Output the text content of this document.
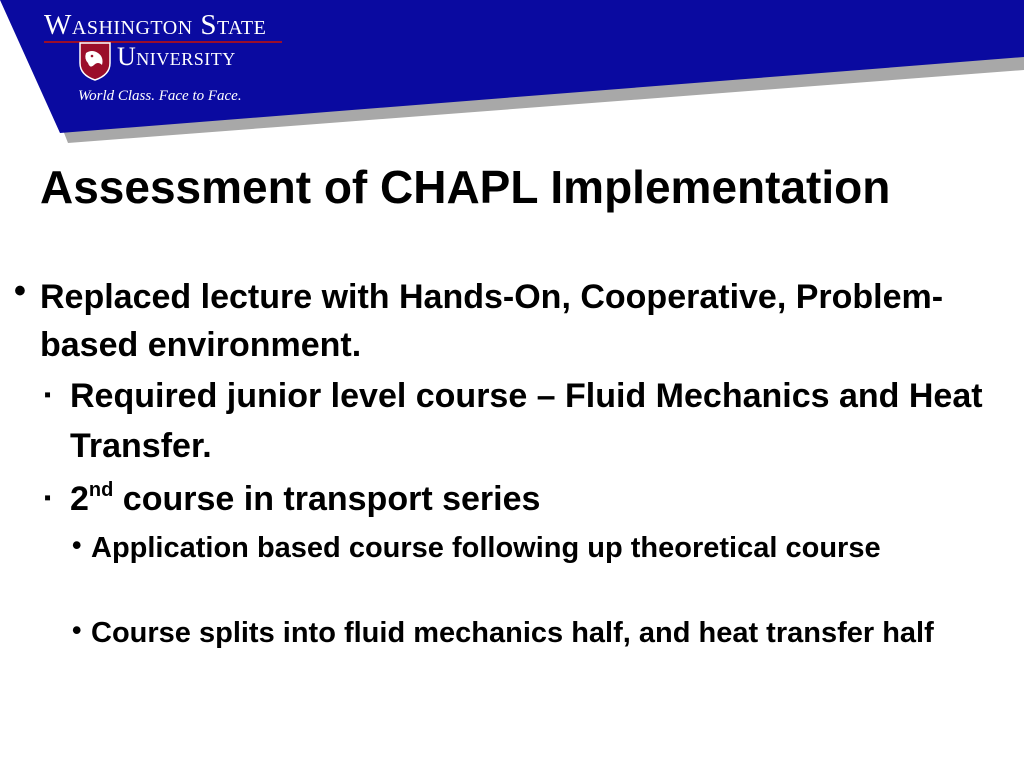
Washington State
University
World Class. Face to Face.
Assessment of CHAPL Implementation
• Replaced lecture with Hands-On, Cooperative, Problem-based environment.
▪ Required junior level course – Fluid Mechanics and Heat Transfer.
▪ 2nd course in transport series
• Application based course following up theoretical course
• Course splits into fluid mechanics half, and heat transfer half
